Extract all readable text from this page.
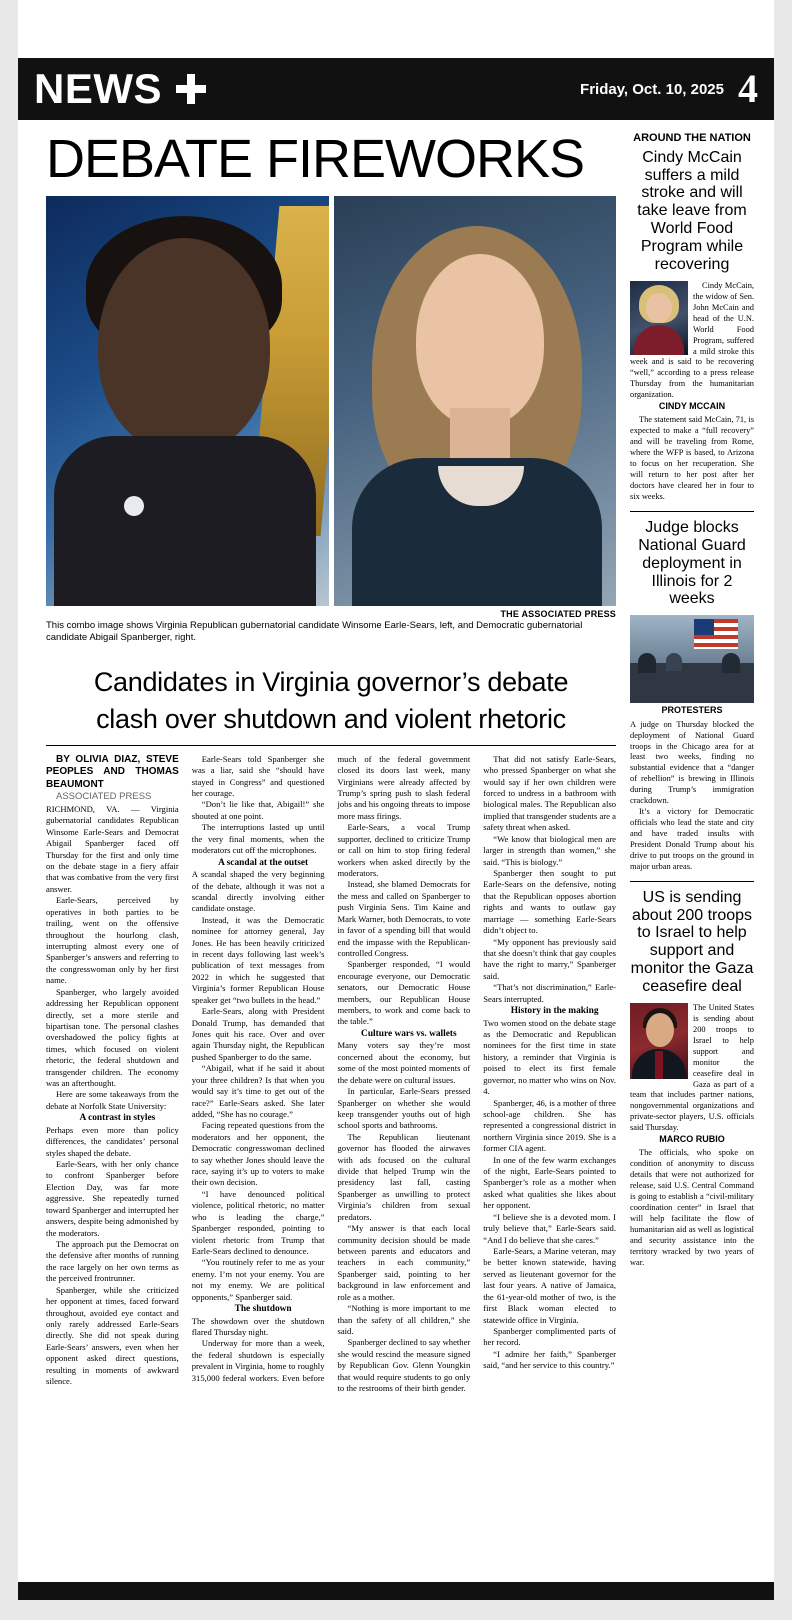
NEWS	Friday, Oct. 10, 2025 4
DEBATE FIREWORKS
THE ASSOCIATED PRESS
This combo image shows Virginia Republican gubernatorial candidate Winsome Earle-Sears, left, and Democratic gubernatorial candidate Abigail Spanberger, right.
Candidates in Virginia governor’s debate
clash over shutdown and violent rhetoric

BY OLIVIA DIAZ, STEVE PEOPLES AND THOMAS BEAUMONT

ASSOCIATED PRESS

RICHMOND, VA. — Virginia gubernatorial candidates Republican Winsome Earle-Sears and Democrat Abigail Spanberger faced off Thursday for the first and only time on the debate stage in a fiery affair that was combative from the very first answer.

Earle-Sears, perceived by operatives in both parties to be trailing, went on the offensive throughout the hourlong clash, interrupting almost every one of Spanberger’s answers and referring to the congresswoman only by her first name.

Spanberger, who largely avoided addressing her Republican opponent directly, set a more sterile and bipartisan tone. The personal clashes overshadowed the policy fights at times, which focused on violent rhetoric, the federal shutdown and transgender children. The economy was an afterthought.

Here are some takeaways from the debate at Norfolk State University:

A contrast in styles

Perhaps even more than policy differences, the candidates’ personal styles shaped the debate.

Earle-Sears, with her only chance to confront Spanberger before Election Day, was far more aggressive. She repeatedly turned toward Spanberger and interrupted her answers, despite being admonished by the moderators.

The approach put the Democrat on the defensive after months of running the race largely on her own terms as the perceived frontrunner.

Spanberger, while she criticized her opponent at times, faced forward throughout, avoided eye contact and only rarely addressed Earle-Sears directly. She did not speak during Earle-Sears’ answers, even when her opponent asked direct questions, resulting in moments of awkward silence.

Earle-Sears told Spanberger she was a liar, said she “should have stayed in Congress” and questioned her courage.

“Don’t lie like that, Abigail!” she shouted at one point.

The interruptions lasted up until the very final moments, when the moderators cut off the microphones.

A scandal at the outset

A scandal shaped the very beginning of the debate, although it was not a scandal directly involving either candidate onstage.

Instead, it was the Democratic nominee for attorney general, Jay Jones. He has been heavily criticized in recent days following last week’s publication of text messages from 2022 in which he suggested that Virginia’s former Republican House speaker get “two bullets in the head.”

Earle-Sears, along with President Donald Trump, has demanded that Jones quit his race. Over and over again Thursday night, the Republican pushed Spanberger to do the same.

“Abigail, what if he said it about your three children? Is that when you would say it’s time to get out of the race?” Earle-Sears asked. She later added, “She has no courage.”

Facing repeated questions from the moderators and her opponent, the Democratic congresswoman declined to say whether Jones should leave the race, saying it’s up to voters to make their own decision.

“I have denounced political violence, political rhetoric, no matter who is leading the charge,” Spanberger responded, pointing to violent rhetoric from Trump that Earle-Sears declined to denounce.

“You routinely refer to me as your enemy. I’m not your enemy. You are not my enemy. We are political opponents,” Spanberger said.

The shutdown

The showdown over the shutdown flared Thursday night.

Underway for more than a week, the federal shutdown is especially prevalent in Virginia, home to roughly 315,000 federal workers. Even before much of the federal government closed its doors last week, many Virginians were already affected by Trump’s spring push to slash federal jobs and his ongoing threats to impose more mass firings.

Earle-Sears, a vocal Trump supporter, declined to criticize Trump or call on him to stop firing federal workers when asked directly by the moderators.

Instead, she blamed Democrats for the mess and called on Spanberger to push Virginia Sens. Tim Kaine and Mark Warner, both Democrats, to vote in favor of a spending bill that would end the impasse with the Republican-controlled Congress.

Spanberger responded, “I would encourage everyone, our Democratic senators, our Democratic House members, our Republican House members, to work and come back to the table.”

Culture wars vs. wallets

Many voters say they’re most concerned about the economy, but some of the most pointed moments of the debate were on cultural issues.

In particular, Earle-Sears pressed Spanberger on whether she would keep transgender youths out of high school sports and bathrooms.

The Republican lieutenant governor has flooded the airwaves with ads focused on the cultural divide that helped Trump win the presidency last fall, casting Spanberger as unwilling to protect Virginia’s children from sexual predators.

“My answer is that each local community decision should be made between parents and educators and teachers in each community,” Spanberger said, pointing to her background in law enforcement and role as a mother.

“Nothing is more important to me than the safety of all children,” she said.

Spanberger declined to say whether she would rescind the measure signed by Republican Gov. Glenn Youngkin that would require students to go only to the restrooms of their birth gender.

That did not satisfy Earle-Sears, who pressed Spanberger on what she would say if her own children were forced to undress in a bathroom with biological males. The Republican also implied that transgender students are a safety threat when asked.

“We know that biological men are larger in strength than women,” she said. “This is biology.”

Spanberger then sought to put Earle-Sears on the defensive, noting that the Republican opposes abortion rights and wants to outlaw gay marriage — something Earle-Sears didn’t object to.

“My opponent has previously said that she doesn’t think that gay couples have the right to marry,” Spanberger said.

“That’s not discrimination,” Earle-Sears interrupted.

History in the making

Two women stood on the debate stage as the Democratic and Republican nominees for the first time in state history, a reminder that Virginia is poised to elect its first female governor, no matter who wins on Nov. 4.

Spanberger, 46, is a mother of three school-age children. She has represented a congressional district in northern Virginia since 2019. She is a former CIA agent.

In one of the few warm exchanges of the night, Earle-Sears pointed to Spanberger’s role as a mother when asked what qualities she likes about her opponent.

“I believe she is a devoted mom. I truly believe that,” Earle-Sears said. “And I do believe that she cares.”

Earle-Sears, a Marine veteran, may be better known statewide, having served as lieutenant governor for the last four years. A native of Jamaica, the 61-year-old mother of two, is the first Black woman elected to statewide office in Virginia.

Spanberger complimented parts of her record.

“I admire her faith,” Spanberger said, “and her service to this country.”

AROUND THE NATION
Cindy McCain suffers a mild stroke and will take leave from World Food Program while recovering

Cindy McCain, the widow of Sen. John McCain and head of the U.N. World Food Program, suffered a mild stroke this week and is said to be recovering “well,” according to a press release Thursday from the humanitarian organization.

CINDY MCCAIN

The statement said McCain, 71, is expected to make a “full recovery” and will be traveling from Rome, where the WFP is based, to Arizona to focus on her recuperation. She will return to her post after her doctors have cleared her in four to six weeks.

Judge blocks National Guard deployment in Illinois for 2 weeks
PROTESTERS

A judge on Thursday blocked the deployment of National Guard troops in the Chicago area for at least two weeks, finding no substantial evidence that a “danger of rebellion” is brewing in Illinois during Trump’s immigration crackdown.

It’s a victory for Democratic officials who lead the state and city and have traded insults with President Donald Trump about his drive to put troops on the ground in major urban areas.

US is sending about 200 troops to Israel to help support and monitor the Gaza ceasefire deal

The United States is sending about 200 troops to Israel to help support and monitor the ceasefire deal in Gaza as part of a team that includes partner nations, nongovernmental organizations and private-sector players, U.S. officials said Thursday.

MARCO RUBIO

The officials, who spoke on condition of anonymity to discuss details that were not authorized for release, said U.S. Central Command is going to establish a “civil-military coordination center” in Israel that will help facilitate the flow of humanitarian aid as well as logistical and security assistance into the territory wracked by two years of war.
